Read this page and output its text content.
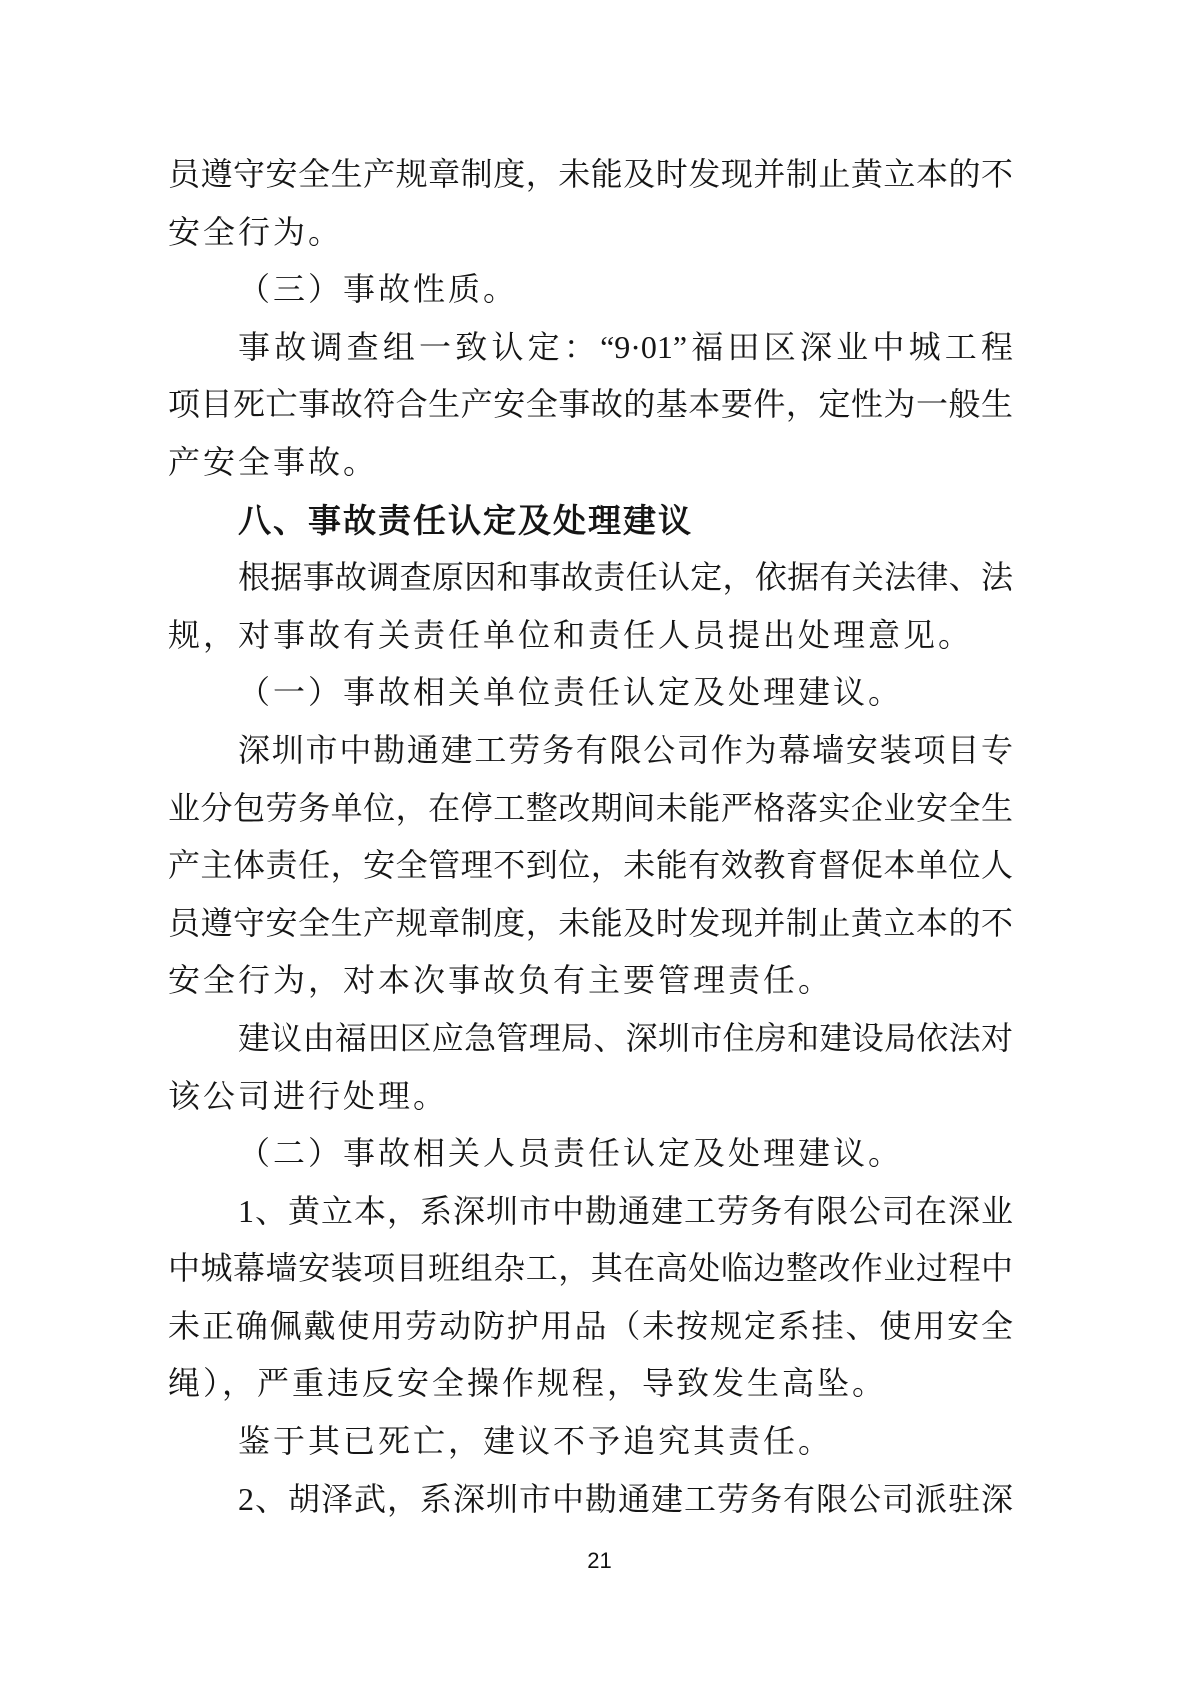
员遵守安全生产规章制度，未能及时发现并制止黄立本的不
安全行为。
（三）事故性质。
事故调查组一致认定：“9·01”福田区深业中城工程
项目死亡事故符合生产安全事故的基本要件，定性为一般生
产安全事故。
八、事故责任认定及处理建议
根据事故调查原因和事故责任认定，依据有关法律、法
规，对事故有关责任单位和责任人员提出处理意见。
（一）事故相关单位责任认定及处理建议。
深圳市中勘通建工劳务有限公司作为幕墙安装项目专
业分包劳务单位，在停工整改期间未能严格落实企业安全生
产主体责任，安全管理不到位，未能有效教育督促本单位人
员遵守安全生产规章制度，未能及时发现并制止黄立本的不
安全行为，对本次事故负有主要管理责任。
建议由福田区应急管理局、深圳市住房和建设局依法对
该公司进行处理。
（二）事故相关人员责任认定及处理建议。
1、黄立本，系深圳市中勘通建工劳务有限公司在深业
中城幕墙安装项目班组杂工，其在高处临边整改作业过程中
未正确佩戴使用劳动防护用品（未按规定系挂、使用安全
绳），严重违反安全操作规程，导致发生高坠。
鉴于其已死亡，建议不予追究其责任。
2、胡泽武，系深圳市中勘通建工劳务有限公司派驻深
21
